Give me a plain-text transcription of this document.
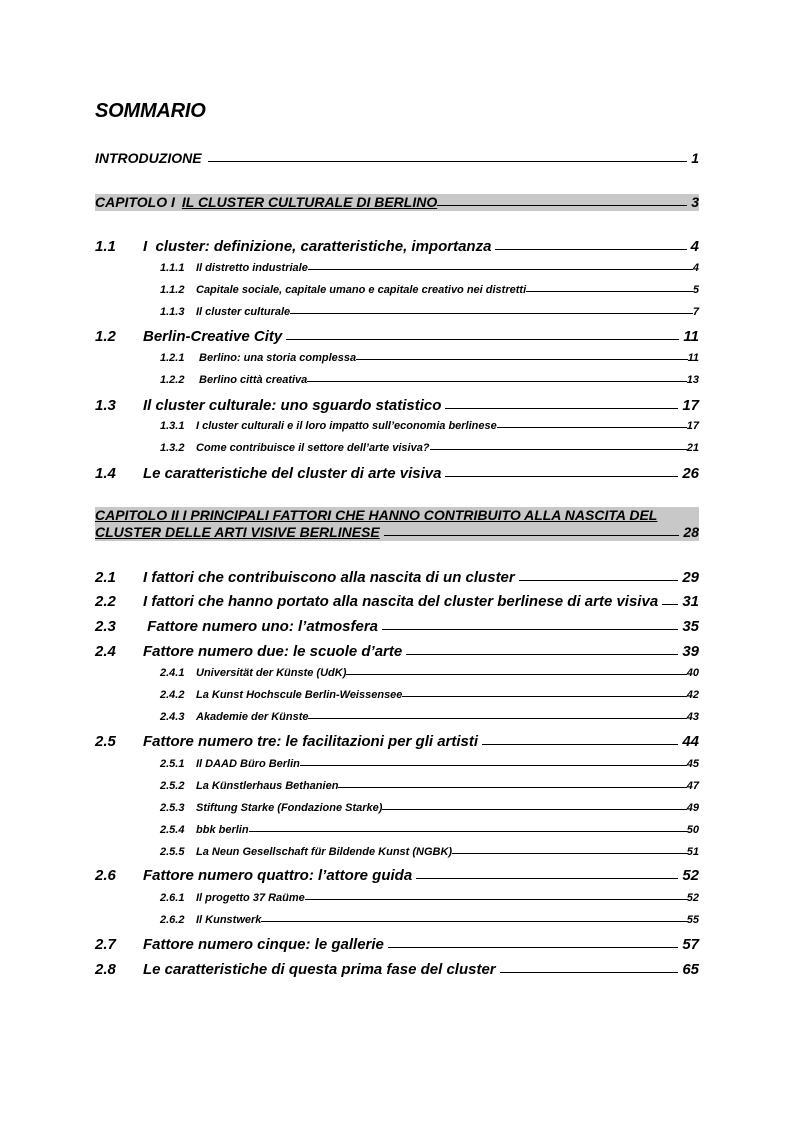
SOMMARIO
INTRODUZIONE	1
CAPITOLO I IL CLUSTER CULTURALE DI BERLINO	3
CAPITOLO II I PRINCIPALI FATTORI CHE HANNO CONTRIBUITO ALLA NASCITA DEL
CLUSTER DELLE ARTI VISIVE BERLINESE	28
1.1	I  cluster: definizione, caratteristiche, importanza	4
1.1.1	Il distretto industriale	4
1.1.2	Capitale sociale, capitale umano e capitale creativo nei distretti	5
1.1.3	Il cluster culturale	7
1.2	Berlin-Creative City	11
1.2.1	Berlino: una storia complessa	11
1.2.2	Berlino città creativa	13
1.3	Il cluster culturale: uno sguardo statistico	17
1.3.1	I cluster culturali e il loro impatto sull’economia berlinese	17
1.3.2	Come contribuisce il settore dell’arte visiva?	21
1.4	Le caratteristiche del cluster di arte visiva	26
2.1	I fattori che contribuiscono alla nascita di un cluster	29
2.2	I fattori che hanno portato alla nascita del cluster berlinese di arte visiva 31
2.3	Fattore numero uno: l’atmosfera	35
2.4	Fattore numero due: le scuole d’arte	39
2.4.1	Universität der Künste (UdK)	40
2.4.2	La Kunst Hochscule Berlin-Weissensee	42
2.4.3	Akademie der Künste	43
2.5	Fattore numero tre: le facilitazioni per gli artisti	44
2.5.1	Il DAAD Büro Berlin	45
2.5.2	La Künstlerhaus Bethanien	47
2.5.3	Stiftung Starke (Fondazione Starke)	49
2.5.4	bbk berlin	50
2.5.5	La Neun Gesellschaft für Bildende Kunst (NGBK)	51
2.6	Fattore numero quattro: l’attore guida	52
2.6.1	Il progetto 37 Raüme	52
2.6.2	Il Kunstwerk	55
2.7	Fattore numero cinque: le gallerie	57
2.8	Le caratteristiche di questa prima fase del cluster	65
